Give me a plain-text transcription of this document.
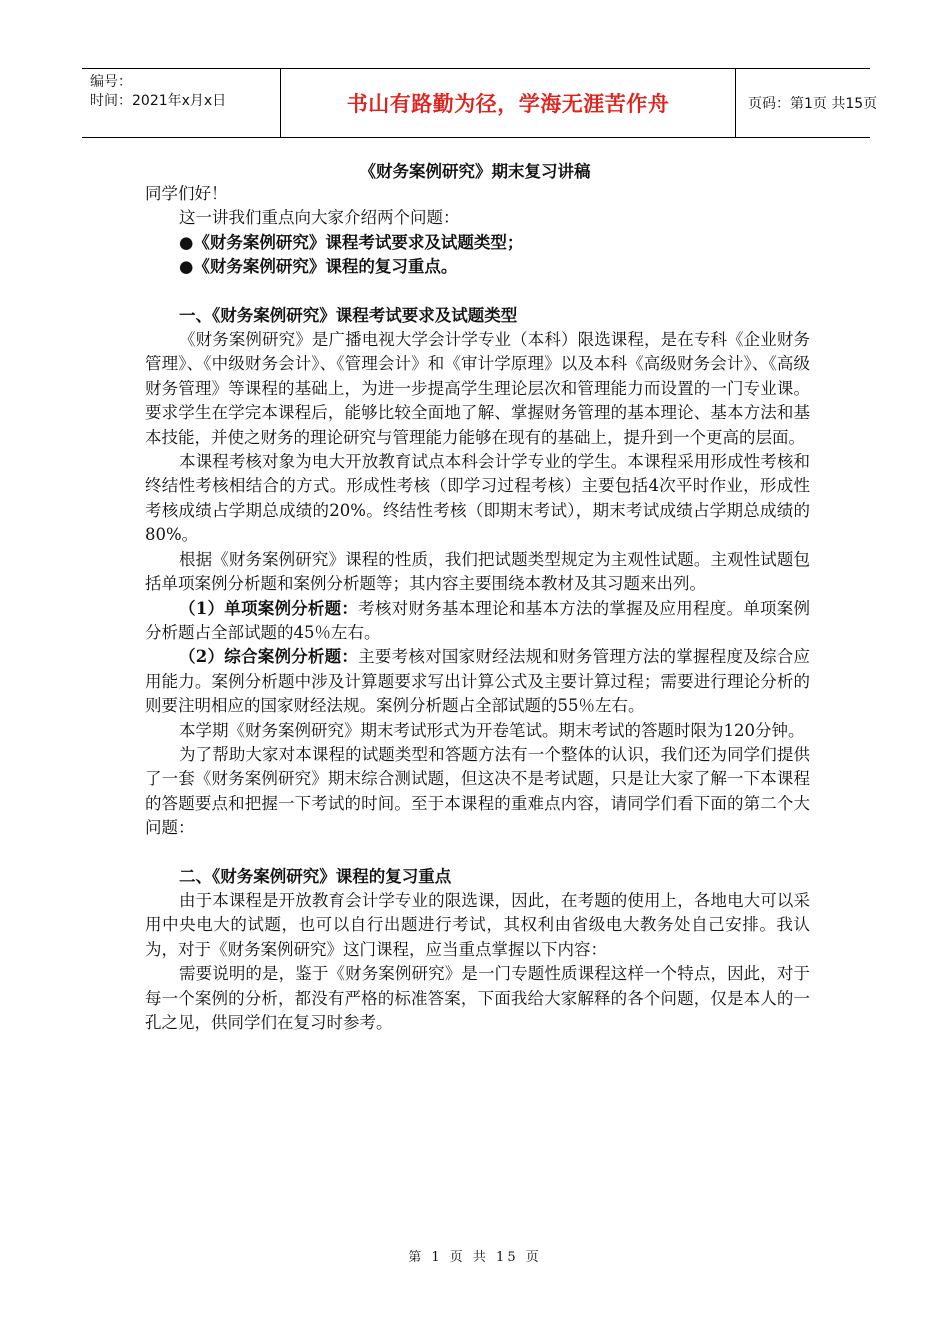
编号：
时间：2021年x月x日	书山有路勤为径，学海无涯苦作舟	页码：第1页 共15页
《财务案例研究》期末复习讲稿

同学们好！

这一讲我们重点向大家介绍两个问题：

●《财务案例研究》课程考试要求及试题类型；

●《财务案例研究》课程的复习重点。

一、《财务案例研究》课程考试要求及试题类型

《财务案例研究》是广播电视大学会计学专业（本科）限选课程，是在专科《企业财务管理》、《中级财务会计》、《管理会计》和《审计学原理》以及本科《高级财务会计》、《高级财务管理》等课程的基础上，为进一步提高学生理论层次和管理能力而设置的一门专业课。要求学生在学完本课程后，能够比较全面地了解、掌握财务管理的基本理论、基本方法和基本技能，并使之财务的理论研究与管理能力能够在现有的基础上，提升到一个更高的层面。

本课程考核对象为电大开放教育试点本科会计学专业的学生。本课程采用形成性考核和终结性考核相结合的方式。形成性考核（即学习过程考核）主要包括4次平时作业，形成性考核成绩占学期总成绩的20%。终结性考核（即期末考试），期末考试成绩占学期总成绩的80%。

根据《财务案例研究》课程的性质，我们把试题类型规定为主观性试题。主观性试题包括单项案例分析题和案例分析题等；其内容主要围绕本教材及其习题来出列。

（1）单项案例分析题：考核对财务基本理论和基本方法的掌握及应用程度。单项案例分析题占全部试题的45％左右。

（2）综合案例分析题：主要考核对国家财经法规和财务管理方法的掌握程度及综合应用能力。案例分析题中涉及计算题要求写出计算公式及主要计算过程；需要进行理论分析的则要注明相应的国家财经法规。案例分析题占全部试题的55％左右。

本学期《财务案例研究》期末考试形式为开卷笔试。期末考试的答题时限为120分钟。

为了帮助大家对本课程的试题类型和答题方法有一个整体的认识，我们还为同学们提供了一套《财务案例研究》期末综合测试题，但这决不是考试题，只是让大家了解一下本课程的答题要点和把握一下考试的时间。至于本课程的重难点内容，请同学们看下面的第二个大问题：

二、《财务案例研究》课程的复习重点

由于本课程是开放教育会计学专业的限选课，因此，在考题的使用上，各地电大可以采用中央电大的试题，也可以自行出题进行考试，其权利由省级电大教务处自己安排。我认为，对于《财务案例研究》这门课程，应当重点掌握以下内容：

需要说明的是，鉴于《财务案例研究》是一门专题性质课程这样一个特点，因此，对于每一个案例的分析，都没有严格的标准答案，下面我给大家解释的各个问题，仅是本人的一孔之见，供同学们在复习时参考。

第 1 页 共 15 页
